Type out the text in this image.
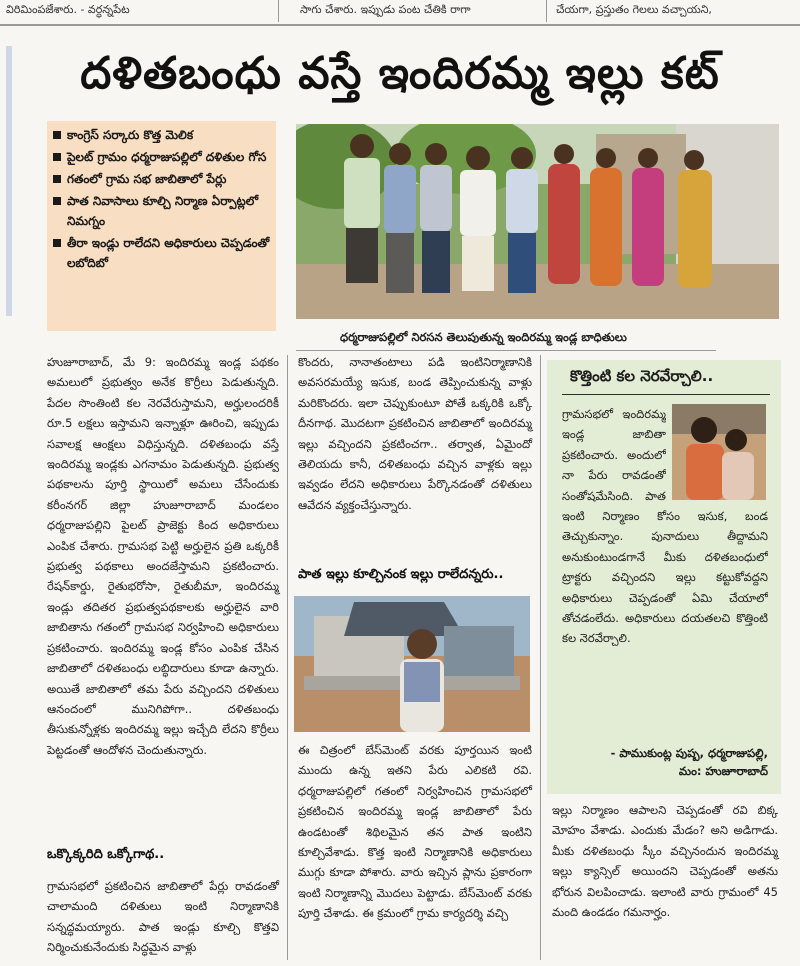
విరిమింపజేశారు. - వర్ధన్నపేట	సాగు చేశారు. ఇప్పుడు పంట చేతికి రాగా	చేయగా, ప్రస్తుతం గెలలు వచ్చాయని,
దళితబంధు వస్తే ఇందిరమ్మ ఇల్లు కట్
కాంగ్రెస్ సర్కారు కొత్త మెలిక
పైలట్ గ్రామం ధర్మరాజుపల్లిలో దళితుల గోస
గతంలో గ్రామ సభ జాబితాలో పేర్లు
పాత నివాసాలు కూల్చి నిర్మాణ ఏర్పాట్లలో నిమగ్నం
తీరా ఇండ్లు రాలేదని అధికారులు చెప్పడంతో లబోదిబో
ధర్మరాజుపల్లిలో నిరసన తెలుపుతున్న ఇందిరమ్మ ఇండ్ల బాధితులు
హుజూరాబాద్, మే 9: ఇందిరమ్మ ఇండ్ల పథకం అమలులో ప్రభుత్వం అనేక కొర్రీలు పెడుతున్నది. పేదల సొంతింటి కల నెరవేరుస్తామని, అర్హులందరికీ రూ.5 లక్షలు ఇస్తామని ఇన్నాళ్లూ ఊరించి, ఇప్పుడు సవాలక్ష ఆంక్షలు విధిస్తున్నది. దళితబంధు వస్తే ఇందిరమ్మ ఇండ్లకు ఎగనామం పెడుతున్నది. ప్రభుత్వ పథకాలను పూర్తి స్థాయిలో అమలు చేసేందుకు కరీంనగర్ జిల్లా హుజూరాబాద్ మండలం ధర్మరాజుపల్లిని పైలట్ ప్రాజెక్టు కింద అధికారులు ఎంపిక చేశారు. గ్రామసభ పెట్టి అర్హులైన ప్రతి ఒక్కరికీ ప్రభుత్వ పథకాలు అందజేస్తామని ప్రకటించారు. రేషన్‌కార్డు, రైతుభరోసా, రైతుబీమా, ఇందిరమ్మ ఇండ్లు తదితర ప్రభుత్వపథకాలకు అర్హులైన వారి జాబితాను గతంలో గ్రామసభ నిర్వహించి అధికారులు ప్రకటించారు. ఇందిరమ్మ ఇండ్ల కోసం ఎంపిక చేసిన జాబితాలో దళితబంధు లబ్ధిదారులు కూడా ఉన్నారు. అయితే జాబితాలో తమ పేరు వచ్చిందని దళితులు ఆనందంలో మునిగిపోగా.. దళితబంధు తీసుకున్నోళ్లకు ఇందిరమ్మ ఇల్లు ఇచ్చేది లేదని కొర్రీలు పెట్టడంతో ఆందోళన చెందుతున్నారు.
ఒక్కొక్కరిది ఒక్కోగాథ..
గ్రామసభలో ప్రకటించిన జాబితాలో పేర్లు రావడంతో చాలామంది దళితులు ఇంటి నిర్మాణానికి సన్నద్ధమయ్యారు. పాత ఇండ్లు కూల్చి కొత్తవి నిర్మించుకునేందుకు సిద్ధమైన వాళ్లు
కొందరు, నానాతంటాలు పడి ఇంటినిర్మాణానికి అవసరమయ్యే ఇసుక, బండ తెప్పించుకున్న వాళ్లు మరికొందరు. ఇలా చెప్పుకుంటూ పోతే ఒక్కరికి ఒక్కో దీనగాథ. మొదటగా ప్రకటించిన జాబితాలో ఇందిరమ్మ ఇల్లు వచ్చిందని ప్రకటించగా.. తర్వాత, ఏమైందో తెలియదు కానీ, దళితబంధు వచ్చిన వాళ్లకు ఇల్లు ఇవ్వడం లేదని అధికారులు పేర్కొనడంతో దళితులు ఆవేదన వ్యక్తంచేస్తున్నారు.
పాత ఇల్లు కూల్చినంక ఇల్లు రాలేదన్నరు..
ఈ చిత్రంలో బేస్‌మెంట్ వరకు పూర్తయిన ఇంటి ముందు ఉన్న ఇతని పేరు ఎలికటి రవి. ధర్మరాజుపల్లిలో గతంలో నిర్వహించిన గ్రామసభలో ప్రకటించిన ఇందిరమ్మ ఇండ్ల జాబితాలో పేరు ఉండటంతో శిథిలమైన తన పాత ఇంటిని కూల్చివేశాడు. కొత్త ఇంటి నిర్మాణానికి అధికారులు ముగ్గు కూడా పోశారు. వారు ఇచ్చిన ప్లాను ప్రకారంగా ఇంటి నిర్మాణాన్ని మొదలు పెట్టాడు. బేస్‌మెంట్ వరకు పూర్తి చేశాడు. ఈ క్రమంలో గ్రామ కార్యదర్శి వచ్చి
కొత్తింటి కల నెరవేర్చాలి..
గ్రామసభలో ఇందిరమ్మ ఇండ్ల జాబితా ప్రకటించారు. అందులో నా పేరు రావడంతో సంతోషమేసింది. పాత
ఇంటి నిర్మాణం కోసం ఇసుక, బండ తెచ్చుకున్నాం. పునాదులు తీద్దామని అనుకుంటుండగానే మీకు దళితబంధులో ట్రాక్టరు వచ్చిందని ఇల్లు కట్టుకోవద్దని అధికారులు చెప్పడంతో ఏమి చేయాలో తోచడంలేదు. అధికారులు దయతలచి కొత్తింటి కల నెరవేర్చాలి.
- పాముకుంట్ల పుష్ప, ధర్మరాజుపల్లి,
మం: హుజూరాబాద్
ఇల్లు నిర్మాణం ఆపాలని చెప్పడంతో రవి బిక్క మోహం వేశాడు. ఎందుకు మేడం? అని అడిగాడు. మీకు దళితబంధు స్కీం వచ్చినందున ఇందిరమ్మ ఇల్లు క్యాన్సిల్ అయిందని చెప్పడంతో అతను భోరున విలపించాడు. ఇలాంటి వారు గ్రామంలో 45 మంది ఉండడం గమనార్హం.
